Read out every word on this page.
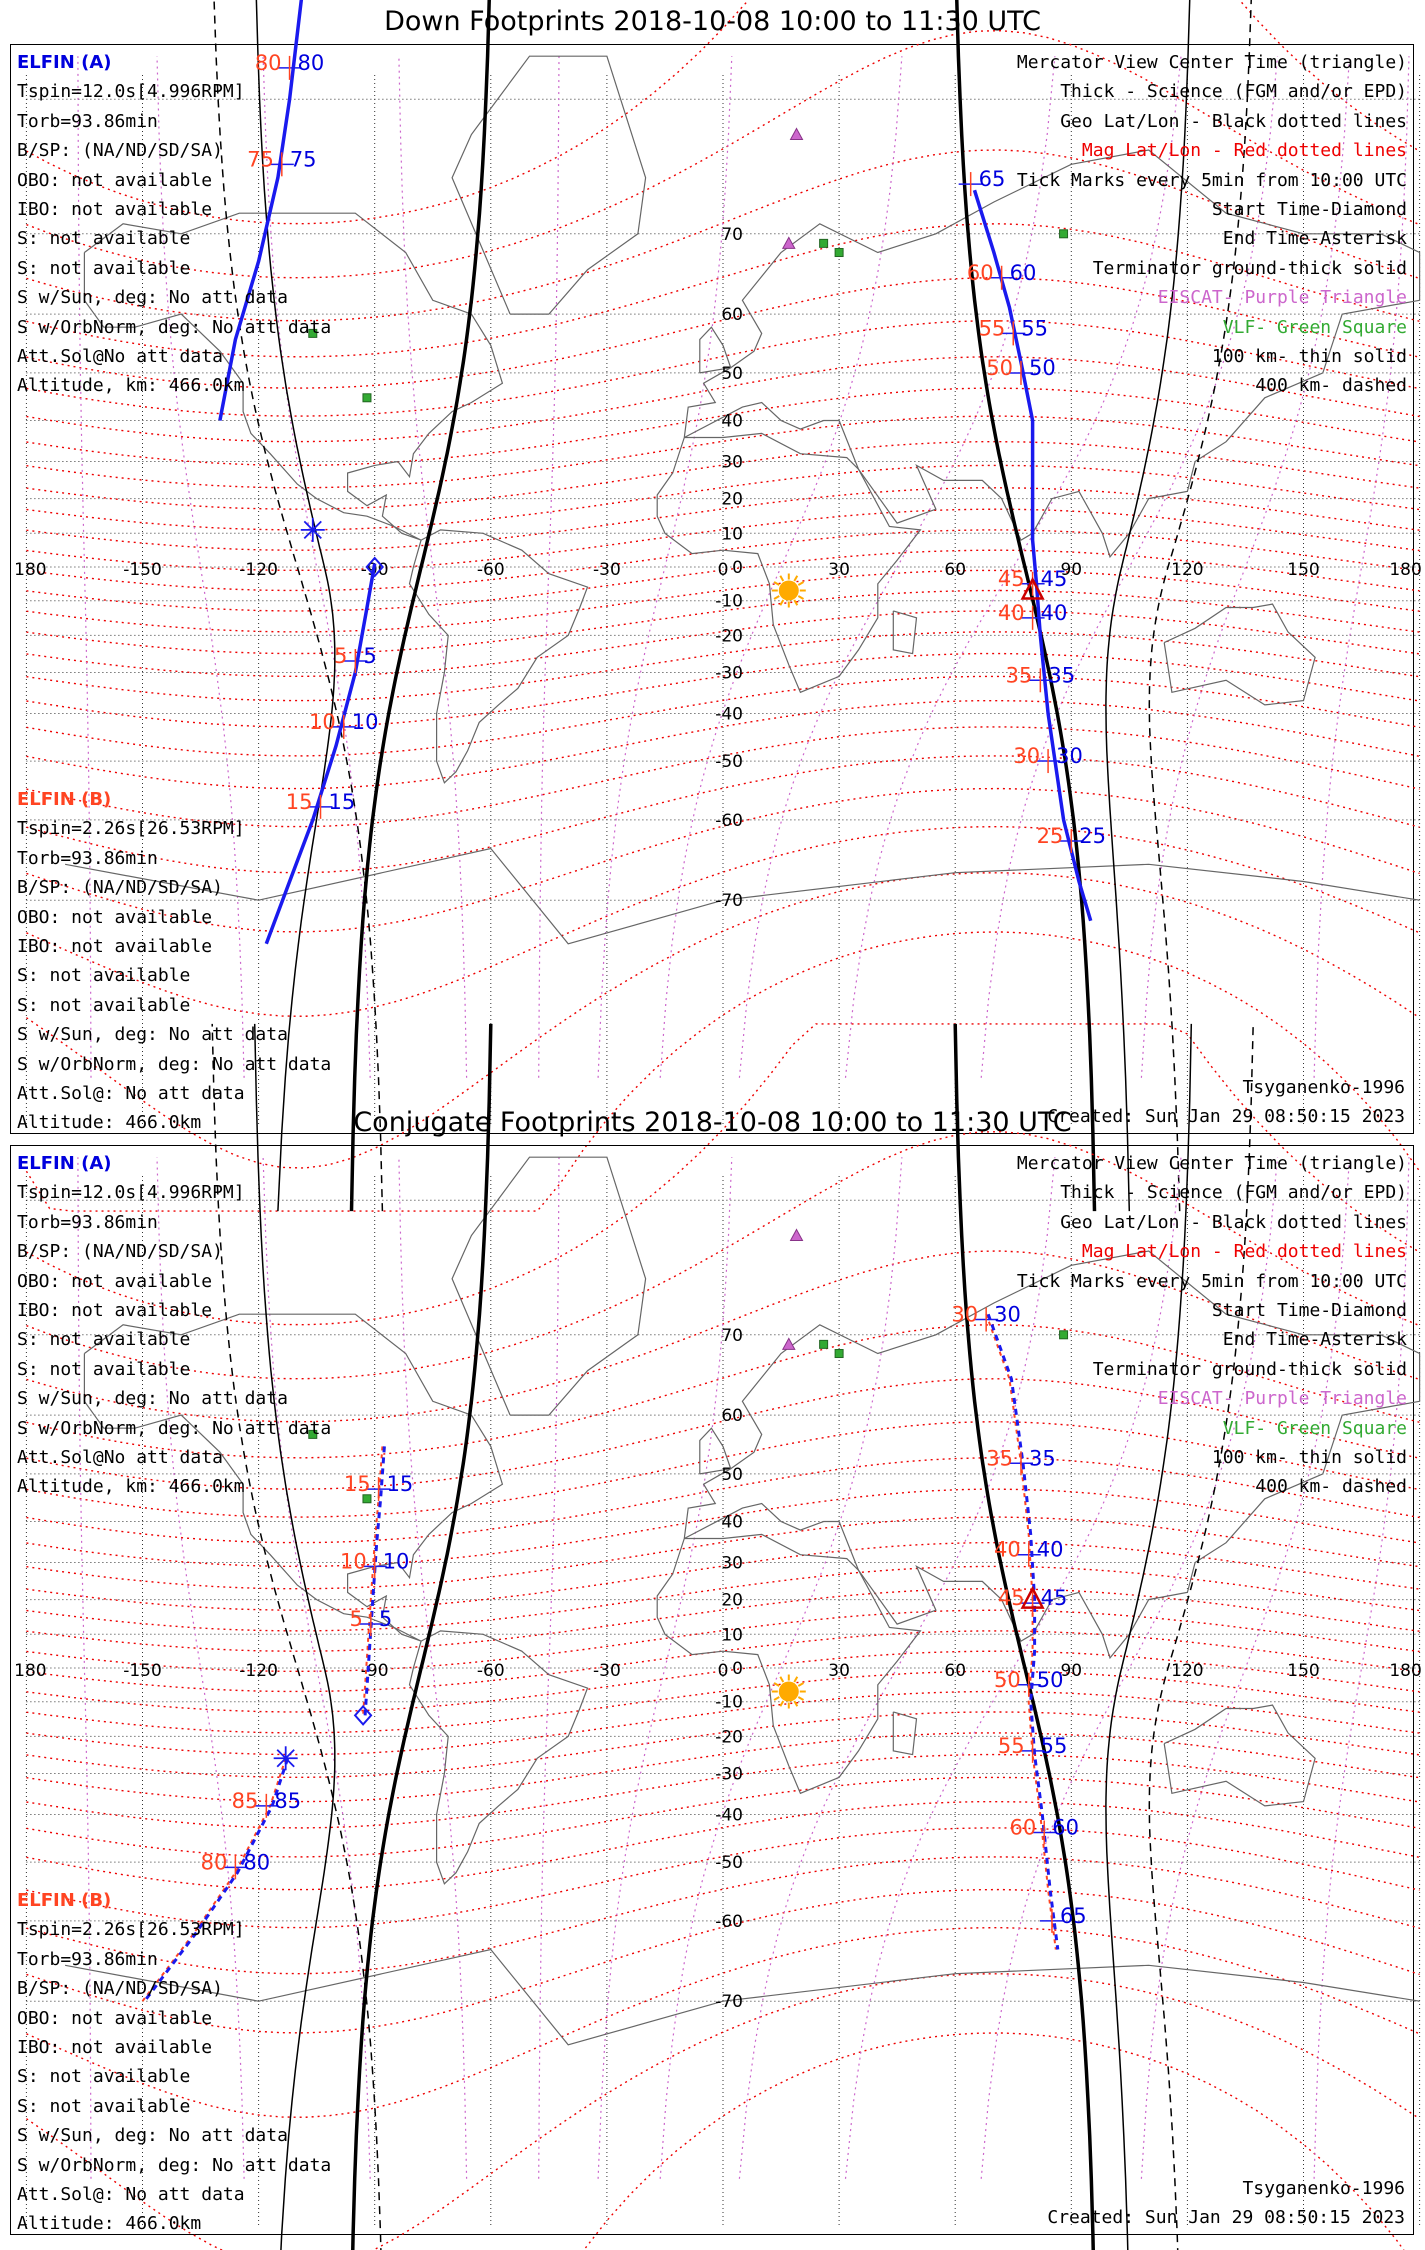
Down Footprints 2018-10-08 10:00 to 11:30 UTC
180	-150	-120	-90	-60	-30	0	30	60	90	120	150	180
70
60
50
40
30
20
10
0
-10
-20
-30
-40
-50
-60
-70
80 80
75 75
5 5
10 10
15 15
60 60
55 55
50 50
45 45
40 40
35 35
30 30
25 25
65
ELFIN (A)
Tspin=12.0s[4.996RPM]
Torb=93.86min
B/SP: (NA/ND/SD/SA)
OBO: not available
IBO: not available
S: not available
S: not available
S w/Sun, deg: No att data
S w/OrbNorm, deg: No att data
Att.Sol@No att data
Altitude, km: 466.0km
ELFIN (B)
Tspin=2.26s[26.53RPM]
Torb=93.86min
B/SP: (NA/ND/SD/SA)
OBO: not available
IBO: not available
S: not available
S: not available
S w/Sun, deg: No att data
S w/OrbNorm, deg: No att data
Att.Sol@: No att data
Altitude: 466.0km
Mercator View Center Time (triangle)
Thick - Science (FGM and/or EPD)
Geo Lat/Lon - Black dotted lines
Mag Lat/Lon - Red dotted lines
Tick Marks every 5min from 10:00 UTC
Start Time-Diamond
End Time-Asterisk
Terminator ground-thick solid
EISCAT- Purple Triangle
VLF- Green Square
100 km- thin solid
400 km- dashed
Tsyganenko-1996
Created: Sun Jan 29 08:50:15 2023
Conjugate Footprints 2018-10-08 10:00 to 11:30 UTC
180	-150	-120	-90	-60	-30	0	30	60	90	120	150	180
70
60
50
40
30
20
10
0
-10
-20
-30
-40
-50
-60
-70
15 15
10 10
5 5
85 85
80 80
30 30
35 35
40 40
45 45
50 50
55 55
60 60
65
ELFIN (A)
Tspin=12.0s[4.996RPM]
Torb=93.86min
B/SP: (NA/ND/SD/SA)
OBO: not available
IBO: not available
S: not available
S: not available
S w/Sun, deg: No att data
S w/OrbNorm, deg: No att data
Att.Sol@No att data
Altitude, km: 466.0km
ELFIN (B)
Tspin=2.26s[26.53RPM]
Torb=93.86min
B/SP: (NA/ND/SD/SA)
OBO: not available
IBO: not available
S: not available
S: not available
S w/Sun, deg: No att data
S w/OrbNorm, deg: No att data
Att.Sol@: No att data
Altitude: 466.0km
Mercator View Center Time (triangle)
Thick - Science (FGM and/or EPD)
Geo Lat/Lon - Black dotted lines
Mag Lat/Lon - Red dotted lines
Tick Marks every 5min from 10:00 UTC
Start Time-Diamond
End Time-Asterisk
Terminator ground-thick solid
EISCAT- Purple Triangle
VLF- Green Square
100 km- thin solid
400 km- dashed
Tsyganenko-1996
Created: Sun Jan 29 08:50:15 2023
